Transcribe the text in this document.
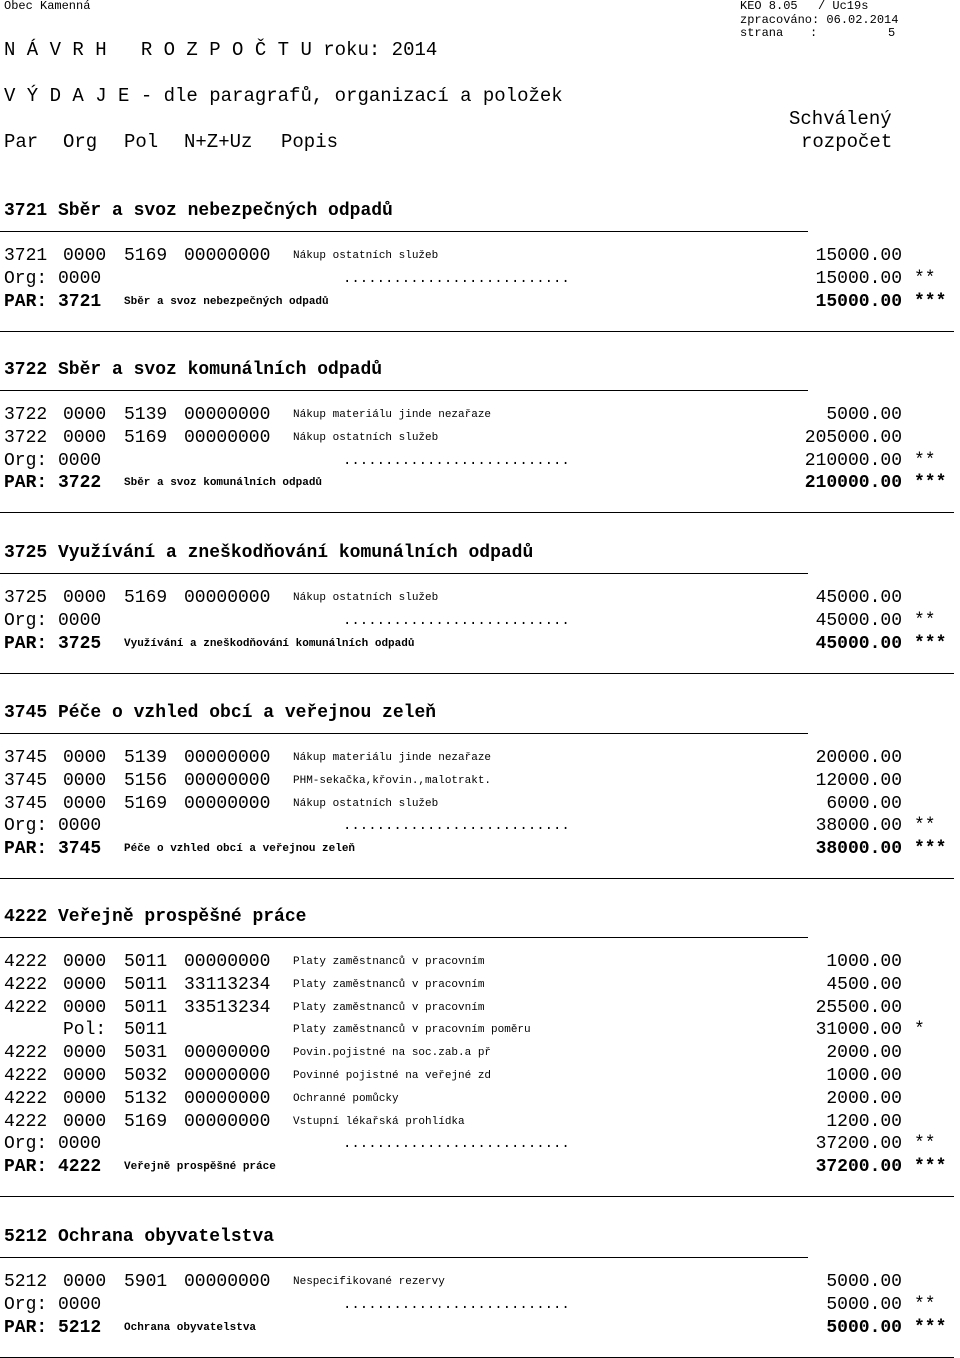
Obec Kamenná	KEO 8.05 / Uc19s
zpracováno: 06.02.2014
strana :	5
N Á V R H   R O Z P O Č T U roku: 2014
V Ý D A J E - dle paragrafů, organizací a položek
Schválený
Par Org Pol N+Z+Uz Popis	rozpočet
3721 Sběr a svoz nebezpečných odpadů
3721 0000 5169 00000000 Nákup ostatních služeb	15000.00
Org: 0000	...........................	15000.00 **
PAR: 3721 Sběr a svoz nebezpečných odpadů	15000.00 ***
3722 Sběr a svoz komunálních odpadů
3722 0000 5139 00000000 Nákup materiálu jinde nezařaze	5000.00
3722 0000 5169 00000000 Nákup ostatních služeb	205000.00
Org: 0000	...........................	210000.00 **
PAR: 3722 Sběr a svoz komunálních odpadů	210000.00 ***
3725 Využívání a zneškodňování komunálních odpadů
3725 0000 5169 00000000 Nákup ostatních služeb	45000.00
Org: 0000	...........................	45000.00 **
PAR: 3725 Využívání a zneškodňování komunálních odpadů	45000.00 ***
3745 Péče o vzhled obcí a veřejnou zeleň
3745 0000 5139 00000000 Nákup materiálu jinde nezařaze	20000.00
3745 0000 5156 00000000 PHM-sekačka,křovin.,malotrakt.	12000.00
3745 0000 5169 00000000 Nákup ostatních služeb	6000.00
Org: 0000	...........................	38000.00 **
PAR: 3745 Péče o vzhled obcí a veřejnou zeleň	38000.00 ***
4222 Veřejně prospěšné práce
4222 0000 5011 00000000 Platy zaměstnanců v pracovním	1000.00
4222 0000 5011 33113234 Platy zaměstnanců v pracovním	4500.00
4222 0000 5011 33513234 Platy zaměstnanců v pracovním	25500.00
Pol: 5011	Platy zaměstnanců v pracovním poměru	31000.00 *
4222 0000 5031 00000000 Povin.pojistné na soc.zab.a př	2000.00
4222 0000 5032 00000000 Povinné pojistné na veřejné zd	1000.00
4222 0000 5132 00000000 Ochranné pomůcky	2000.00
4222 0000 5169 00000000 Vstupní lékařská prohlídka	1200.00
Org: 0000	...........................	37200.00 **
PAR: 4222 Veřejně prospěšné práce	37200.00 ***
5212 Ochrana obyvatelstva
5212 0000 5901 00000000 Nespecifikované rezervy	5000.00
Org: 0000	...........................	5000.00 **
PAR: 5212 Ochrana obyvatelstva	5000.00 ***
